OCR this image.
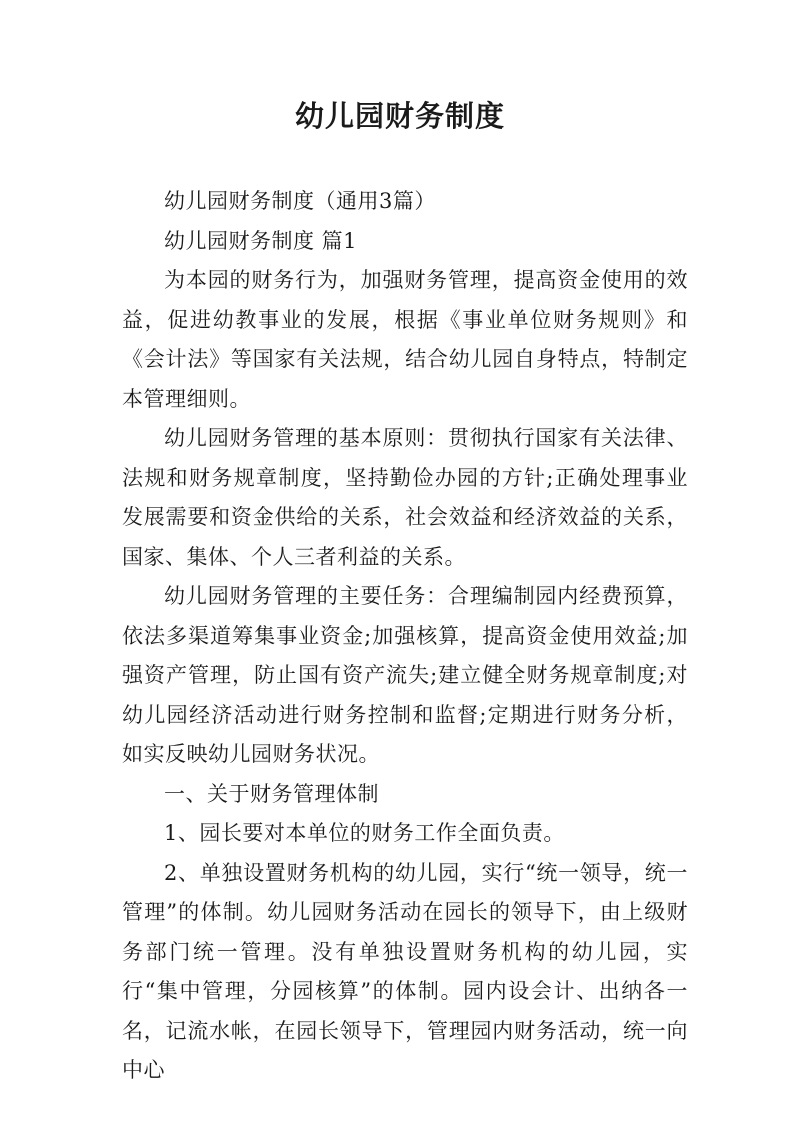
幼儿园财务制度

幼儿园财务制度（通用3篇）

幼儿园财务制度 篇1

为本园的财务行为，加强财务管理，提高资金使用的效益，促进幼教事业的发展，根据《事业单位财务规则》和《会计法》等国家有关法规，结合幼儿园自身特点，特制定本管理细则。

幼儿园财务管理的基本原则：贯彻执行国家有关法律、法规和财务规章制度，坚持勤俭办园的方针;正确处理事业发展需要和资金供给的关系，社会效益和经济效益的关系，国家、集体、个人三者利益的关系。

幼儿园财务管理的主要任务：合理编制园内经费预算，依法多渠道筹集事业资金;加强核算，提高资金使用效益;加强资产管理，防止国有资产流失;建立健全财务规章制度;对幼儿园经济活动进行财务控制和监督;定期进行财务分析，如实反映幼儿园财务状况。

一、关于财务管理体制

1、园长要对本单位的财务工作全面负责。

2、单独设置财务机构的幼儿园，实行“统一领导，统一管理”的体制。幼儿园财务活动在园长的领导下，由上级财务部门统一管理。没有单独设置财务机构的幼儿园，实行“集中管理，分园核算”的体制。园内设会计、出纳各一名，记流水帐，在园长领导下，管理园内财务活动，统一向中心
